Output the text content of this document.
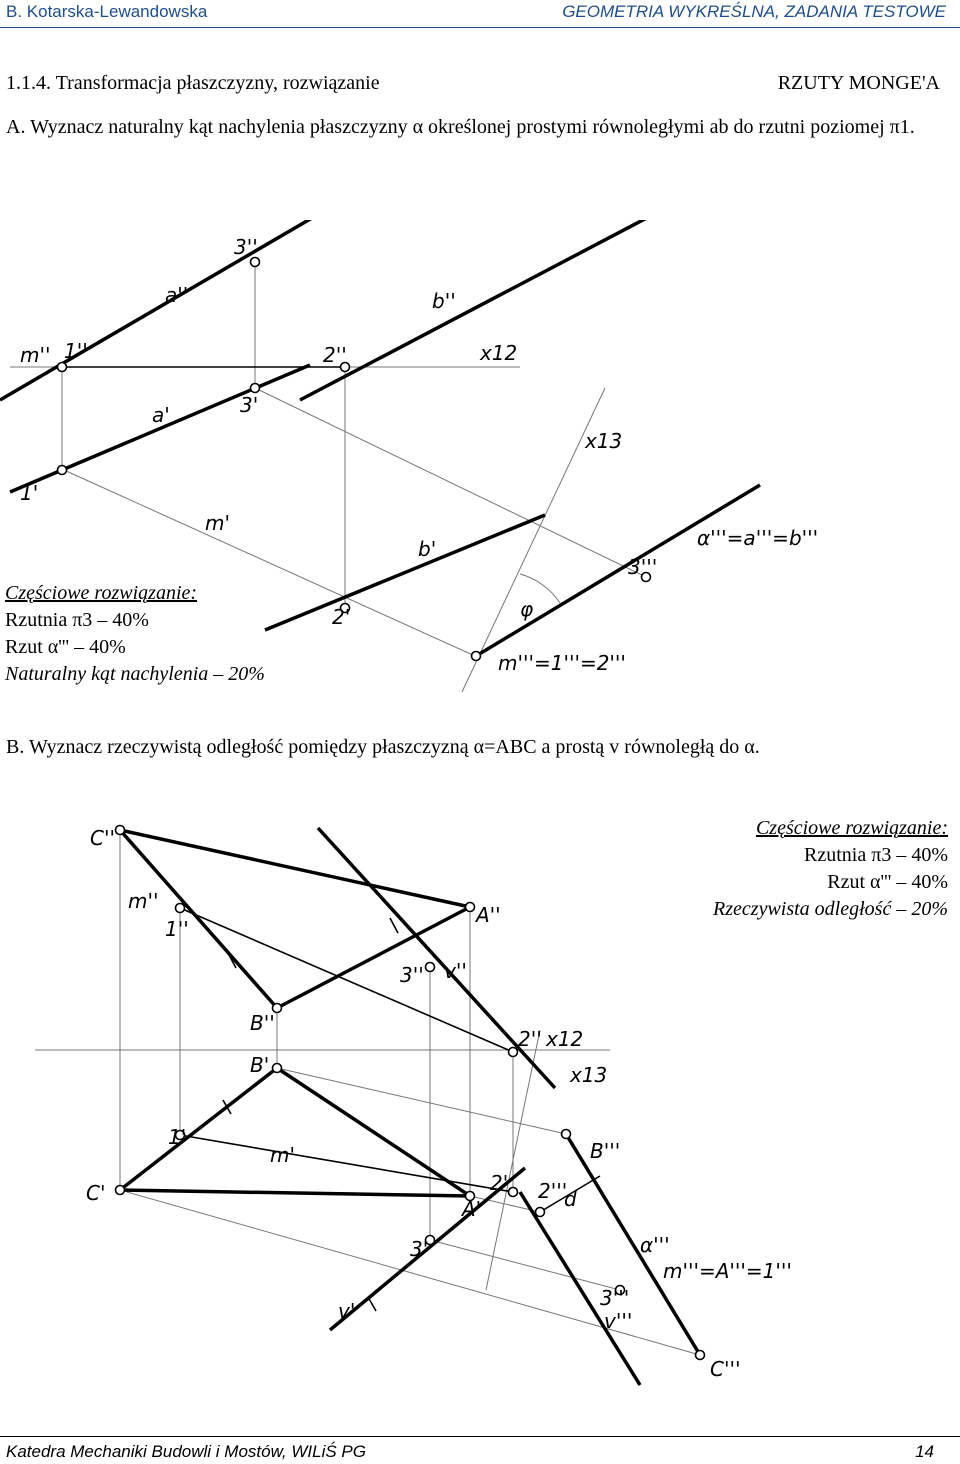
B. Kotarska-Lewandowska	GEOMETRIA WYKREŚLNA, ZADANIA TESTOWE
1.1.4. Transformacja płaszczyzny, rozwiązanie	RZUTY MONGE'A
A. Wyznacz naturalny kąt nachylenia płaszczyzny α określonej prostymi równoległymi ab do rzutni poziomej π1.
3''
a''	b''
m'' 1''	2''	x12
a'	3'
x13
1'
m'
b'	α'''=a'''=b'''
3'''
φ
2'
m'''=1'''=2'''
Częściowe rozwiązanie:
Rzutnia π3 – 40%
Rzut α''' – 40%
Naturalny kąt nachylenia – 20%
B. Wyznacz rzeczywistą odległość pomiędzy płaszczyzną α=ABC a prostą v równoległą do α.
C''
m''
1''
A''
3'' v''
B''
B'
2'' x12
x13
1'
m'	B'''
C'	2' 2'''
d
A'
3'	α'''
m'''=A'''=1'''
3'''
v'''
v'
C'''
Częściowe rozwiązanie:
Rzutnia π3 – 40%
Rzut α''' – 40%
Rzeczywista odległość – 20%
Katedra Mechaniki Budowli i Mostów, WILiŚ PG	14
